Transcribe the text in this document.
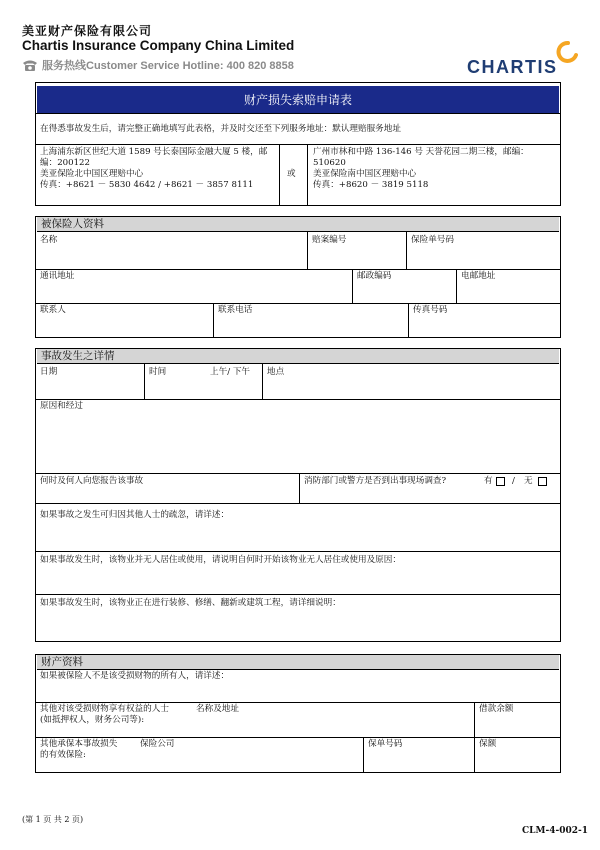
美亚财产保险有限公司
Chartis Insurance Company China Limited
服务热线Customer Service Hotline: 400 820 8858	CHARTIS
财产损失索赔申请表
在得悉事故发生后，请完整正确地填写此表格，并及时交还至下列服务地址：默认理赔服务地址
上海浦东新区世纪大道 1589 号长泰国际金融大厦 5 楼，邮
编：200122
美亚保险北中国区理赔中心
传真：+8621 － 5830 4642 / +8621 － 3857 8111
或
广州市林和中路 136-146 号 天誉花园二期三楼，邮编：
510620
美亚保险南中国区理赔中心
传真：+8620 － 3819 5118
被保险人资料
名称	赔案编号	保险单号码
通讯地址	邮政编码	电邮地址
联系人	联系电话	传真号码
事故发生之详情
日期	时间	上午/ 下午 地点
原因和经过
何时及何人向您报告该事故	消防部门或警方是否到出事现场调查?	有 / 无
如果事故之发生可归因其他人士的疏忽，请详述：
如果事故发生时，该物业并无人居住或使用，请说明自何时开始该物业无人居住或使用及原因：
如果事故发生时，该物业正在进行装修、修缮、翻新或建筑工程，请详细说明：
财产资料
如果被保险人不是该受损财物的所有人，请详述：
其他对该受损财物享有权益的人士
(如抵押权人，财务公司等):
名称及地址	借款余额
其他承保本事故损失
的有效保险:
保险公司	保单号码	保额
(第 1 页 共 2 页)
CLM-4-002-1
